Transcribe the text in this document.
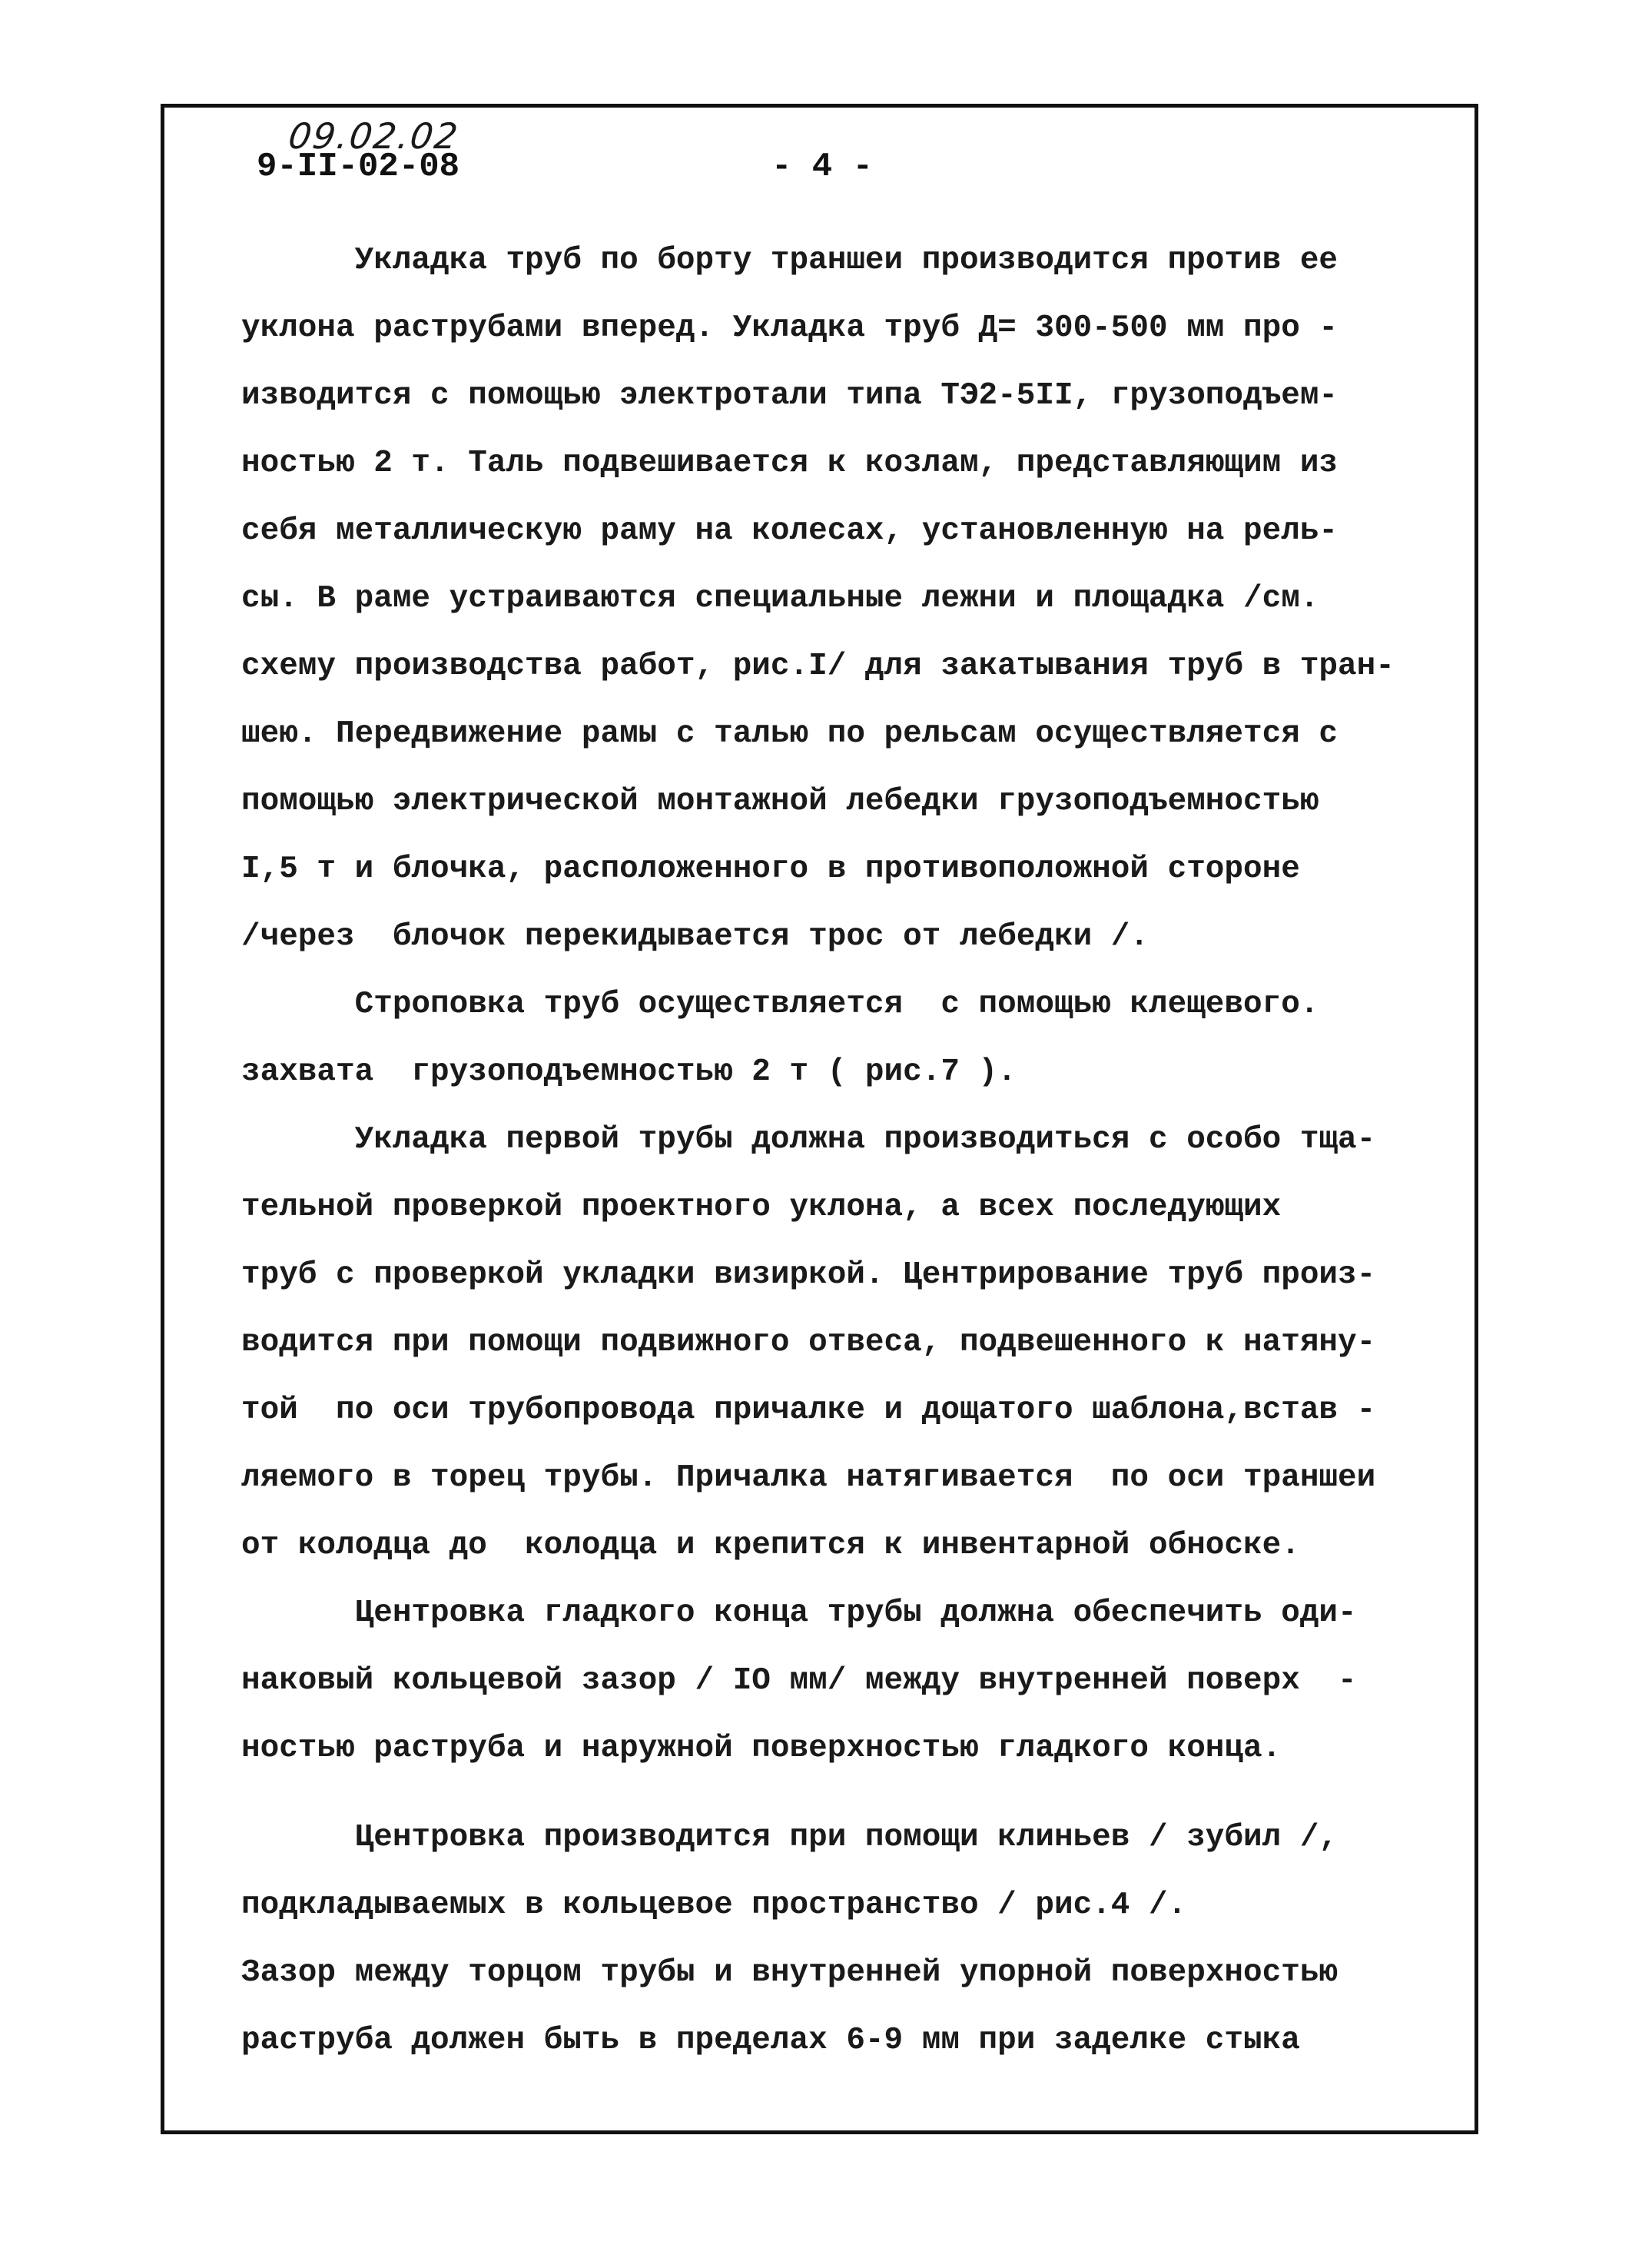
09.02.02
9-II-02-08	- 4 -
Укладка труб по борту траншеи производится против ее
уклона раструбами вперед. Укладка труб Д= 300-500 мм про -
изводится с помощью электротали типа ТЭ2-5II, грузоподъем-
ностью 2 т. Таль подвешивается к козлам, представляющим из
себя металлическую раму на колесах, установленную на рель-
сы. В раме устраиваются специальные лежни и площадка /см.
схему производства работ, рис.I/ для закатывания труб в тран-
шею. Передвижение рамы с талью по рельсам осуществляется с
помощью электрической монтажной лебедки грузоподъемностью
I,5 т и блочка, расположенного в противоположной стороне
/через  блочок перекидывается трос от лебедки /.
Строповка труб осуществляется  с помощью клещевого.
захвата  грузоподъемностью 2 т ( рис.7 ).
Укладка первой трубы должна производиться с особо тща-
тельной проверкой проектного уклона, а всех последующих
труб с проверкой укладки визиркой. Центрирование труб произ-
водится при помощи подвижного отвеса, подвешенного к натяну-
той  по оси трубопровода причалке и дощатого шаблона,встав -
ляемого в торец трубы. Причалка натягивается  по оси траншеи
от колодца до  колодца и крепится к инвентарной обноске.
Центровка гладкого конца трубы должна обеспечить оди-
наковый кольцевой зазор / IO мм/ между внутренней поверх  -
ностью раструба и наружной поверхностью гладкого конца.
Центровка производится при помощи клиньев / зубил /,
подкладываемых в кольцевое пространство / рис.4 /.
Зазор между торцом трубы и внутренней упорной поверхностью
раструба должен быть в пределах 6-9 мм при заделке стыка
